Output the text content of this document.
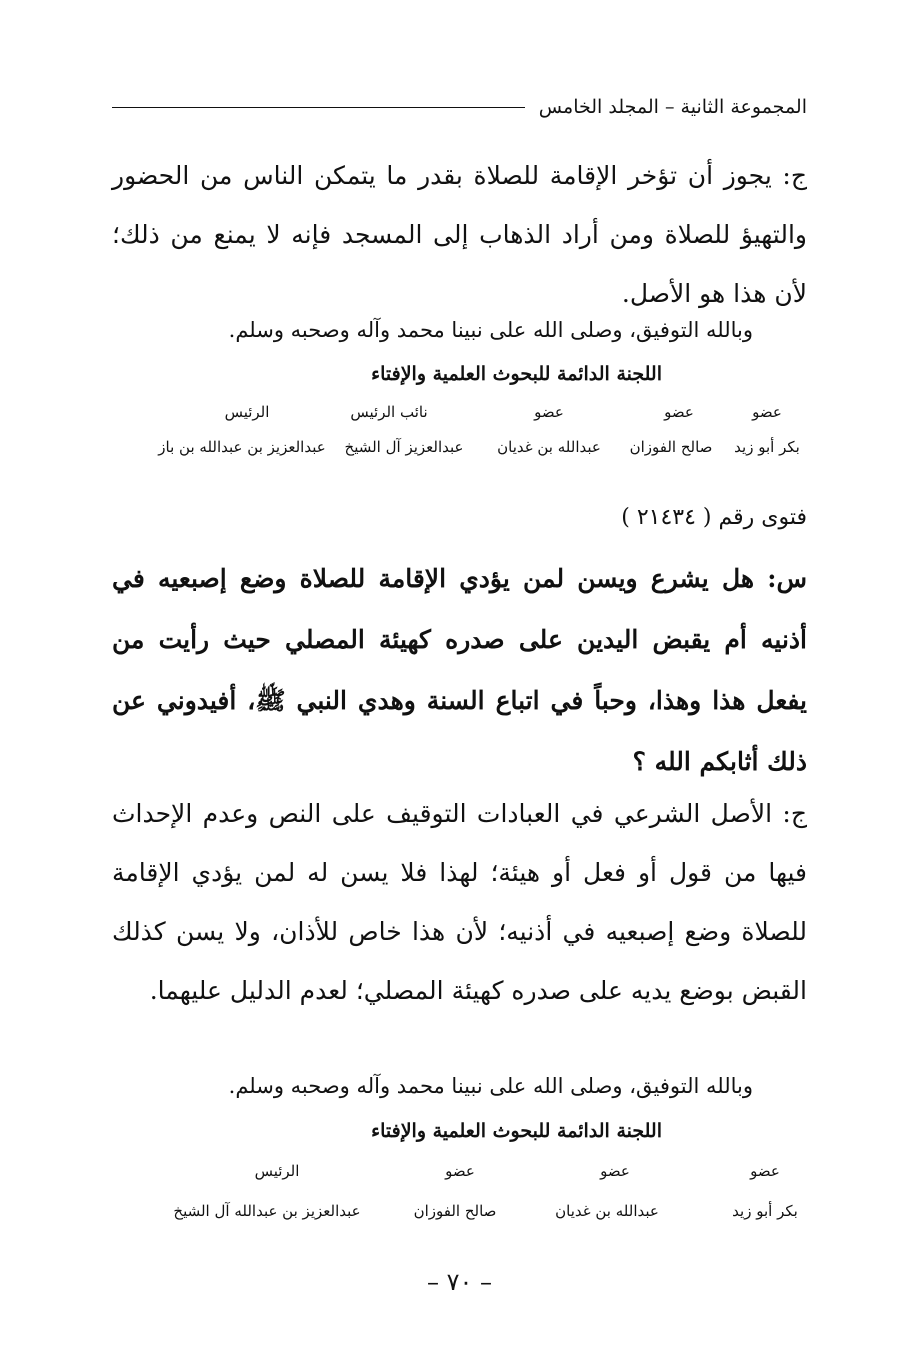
المجموعة الثانية – المجلد الخامس

ج: يجوز أن تؤخر الإقامة للصلاة بقدر ما يتمكن الناس من الحضور والتهيؤ للصلاة ومن أراد الذهاب إلى المسجد فإنه لا يمنع من ذلك؛ لأن هذا هو الأصل.

وبالله التوفيق، وصلى الله على نبينا محمد وآله وصحبه وسلم.
اللجنة الدائمة للبحوث العلمية والإفتاء
عضو
عضو
عضو
نائب الرئيس
الرئيس
بكر أبو زيد
صالح الفوزان
عبدالله بن غديان
عبدالعزيز آل الشيخ
عبدالعزيز بن عبدالله بن باز
فتوى رقم ( ٢١٤٣٤ )

س: هل يشرع ويسن لمن يؤدي الإقامة للصلاة وضع إصبعيه في أذنيه أم يقبض اليدين على صدره كهيئة المصلي حيث رأيت من يفعل هذا وهذا، وحباً في اتباع السنة وهدي النبي ﷺ، أفيدوني عن ذلك أثابكم الله ؟

ج: الأصل الشرعي في العبادات التوقيف على النص وعدم الإحداث فيها من قول أو فعل أو هيئة؛ لهذا فلا يسن له لمن يؤدي الإقامة للصلاة وضع إصبعيه في أذنيه؛ لأن هذا خاص للأذان، ولا يسن كذلك القبض بوضع يديه على صدره كهيئة المصلي؛ لعدم الدليل عليهما.

وبالله التوفيق، وصلى الله على نبينا محمد وآله وصحبه وسلم.
اللجنة الدائمة للبحوث العلمية والإفتاء
عضو
عضو
عضو
الرئيس
بكر أبو زيد
عبدالله بن غديان
صالح الفوزان
عبدالعزيز بن عبدالله آل الشيخ
– ٧٠ –
